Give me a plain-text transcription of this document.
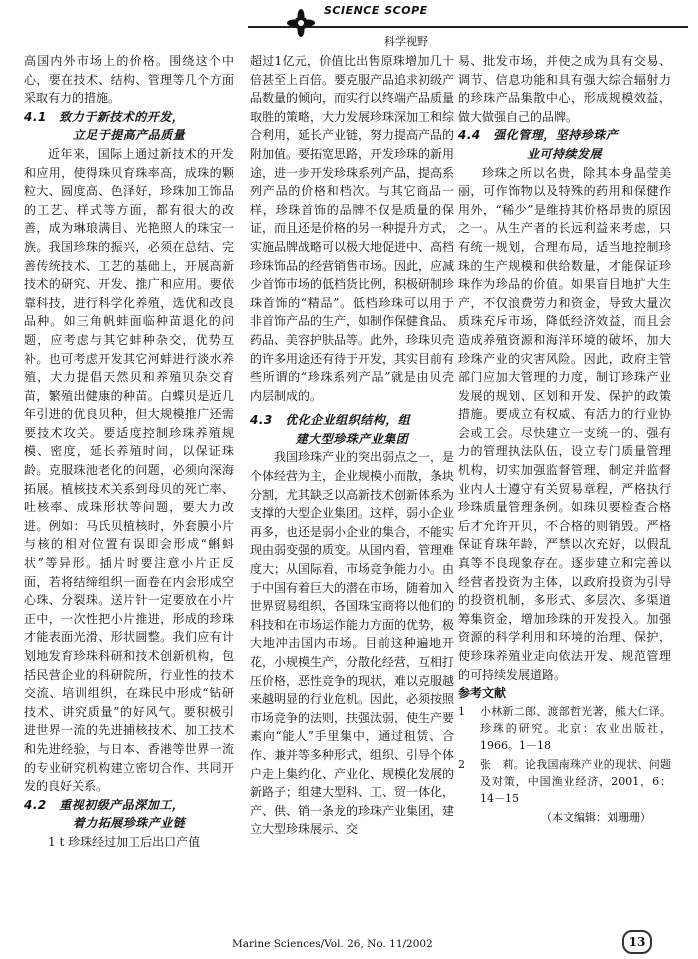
SCIENCE SCOPE
科学视野

高国内外市场上的价格。围绕这个中心，要在技术、结构、管理等几个方面采取有力的措施。

4.1　致力于新技术的开发，

立足于提高产品质量

近年来，国际上通过新技术的开发和应用，使得珠贝育珠率高，成珠的颗粒大、圆度高、色泽好，珍珠加工饰品的工艺、样式等方面，都有很大的改善，成为琳琅满目、光艳照人的珠宝一族。我国珍珠的振兴，必须在总结、完善传统技术、工艺的基础上，开展高新技术的研究、开发、推广和应用。要依靠科技，进行科学化养殖，选优和改良品种。如三角帆蚌面临种苗退化的问题，应考虑与其它蚌种杂交，优势互补。也可考虑开发其它河蚌进行淡水养殖，大力提倡天然贝和养殖贝杂交育苗，繁殖出健康的种苗。白蝶贝是近几年引进的优良贝种，但大规模推广还需要技术攻关。要适度控制珍珠养殖规模、密度，延长养殖时间，以保证珠龄。克服珠池老化的问题，必须向深海拓展。植核技术关系到母贝的死亡率、吐核率、成珠形状等问题，要大力改进。例如：马氏贝植核时，外套膜小片与核的相对位置有误即会形成“蝌蚪状”等异形。插片时要注意小片正反面，若将结缔组织一面卷在内会形成空心珠、分裂珠。送片针一定要放在小片正中，一次性把小片推进，形成的珍珠才能表面光滑、形状圆整。我们应有计划地发育珍珠科研和技术创新机构，包括民营企业的科研院所，行业性的技术交流、培训组织，在珠民中形成“钻研技术、讲究质量”的好风气。要积极引进世界一流的先进捕核技术、加工技术和先进经验，与日本、香港等世界一流的专业研究机构建立密切合作、共同开发的良好关系。

4.2　重视初级产品深加工，

着力拓展珍珠产业链

1 t 珍珠经过加工后出口产值

超过1亿元，价值比出售原珠增加几十倍甚至上百倍。要克服产品追求初级产品数量的倾向，而实行以终端产品质量取胜的策略，大力发展珍珠深加工和综合利用，延长产业链，努力提高产品的附加值。要拓宽思路，开发珍珠的新用途，进一步开发珍珠系列产品，提高系列产品的价格和档次。与其它商品一样，珍珠首饰的品牌不仅是质量的保证，而且还是价格的另一种提升方式，实施品牌战略可以极大地促进中、高档珍珠饰品的经营销售市场。因此，应减少首饰市场的低档货比例，积极研制珍珠首饰的“精品”。低档珍珠可以用于非首饰产品的生产，如制作保健食品、药品、美容护肤品等。此外，珍珠贝壳的许多用途还有待于开发，其实目前有些所谓的“珍珠系列产品”就是由贝壳内层制成的。

4.3　优化企业组织结构，组

建大型珍珠产业集团

我国珍珠产业的突出弱点之一，是个体经营为主，企业规模小而散，条块分割，尤其缺乏以高新技术创新体系为支撑的大型企业集团。这样，弱小企业再多，也还是弱小企业的集合，不能实现由弱变强的质变。从国内看，管理难度大；从国际看，市场竞争能力小。由于中国有着巨大的潜在市场，随着加入世界贸易组织，各国珠宝商将以他们的科技和在市场运作能力方面的优势，极大地冲击国内市场。目前这种遍地开花，小规模生产，分散化经营，互相打压价格，恶性竞争的现状，难以克服越来越明显的行业危机。因此，必须按照市场竞争的法则，扶强汰弱，使生产要素向“能人”手里集中，通过租赁、合作、兼并等多种形式，组织、引导个体户走上集约化、产业化、规模化发展的新路子；组建大型科、工、贸一体化，产、供、销一条龙的珍珠产业集团，建立大型珍珠展示、交

易、批发市场，并使之成为具有交易、调节、信息功能和具有强大综合辐射力的珍珠产品集散中心，形成规模效益，做大做强自己的品牌。

4.4　强化管理，坚持珍珠产

业可持续发展

珍珠之所以名贵，除其本身晶莹美丽，可作饰物以及特殊的药用和保健作用外，“稀少”是维持其价格昂贵的原因之一。从生产者的长远利益来考虑，只有统一规划，合理布局，适当地控制珍珠的生产规模和供给数量，才能保证珍珠作为珍品的价值。如果盲目地扩大生产，不仅浪费劳力和资金，导致大量次质珠充斥市场，降低经济效益，而且会造成养殖资源和海洋环境的破坏，加大珍珠产业的灾害风险。因此，政府主管部门应加大管理的力度，制订珍珠产业发展的规划、区划和开发、保护的政策措施。要成立有权威、有活力的行业协会或工会。尽快建立一支统一的、强有力的管理执法队伍，设立专门质量管理机构，切实加强监督管理，制定并监督业内人士遵守有关贸易章程，严格执行珍珠质量管理条例。如珠贝要检查合格后才允许开贝，不合格的则销毁。严格保证育珠年龄，严禁以次充好，以假乱真等不良现象存在。逐步建立和完善以经营者投资为主体，以政府投资为引导的投资机制，多形式、多层次、多渠道筹集资金，增加珍珠的开发投入。加强资源的科学利用和环境的治理、保护，使珍珠养殖业走向依法开发、规范管理的可持续发展道路。

参考文献

1	小林新二郎、渡部哲光著，熊大仁译。珍珠的研究。北京：农业出版社，1966。1－18
2	张　莉。论我国南珠产业的现状、问题及对策，中国渔业经济，2001，6：14－15

（本文编辑：刘珊珊）

Marine Sciences/Vol. 26, No. 11/2002	13
